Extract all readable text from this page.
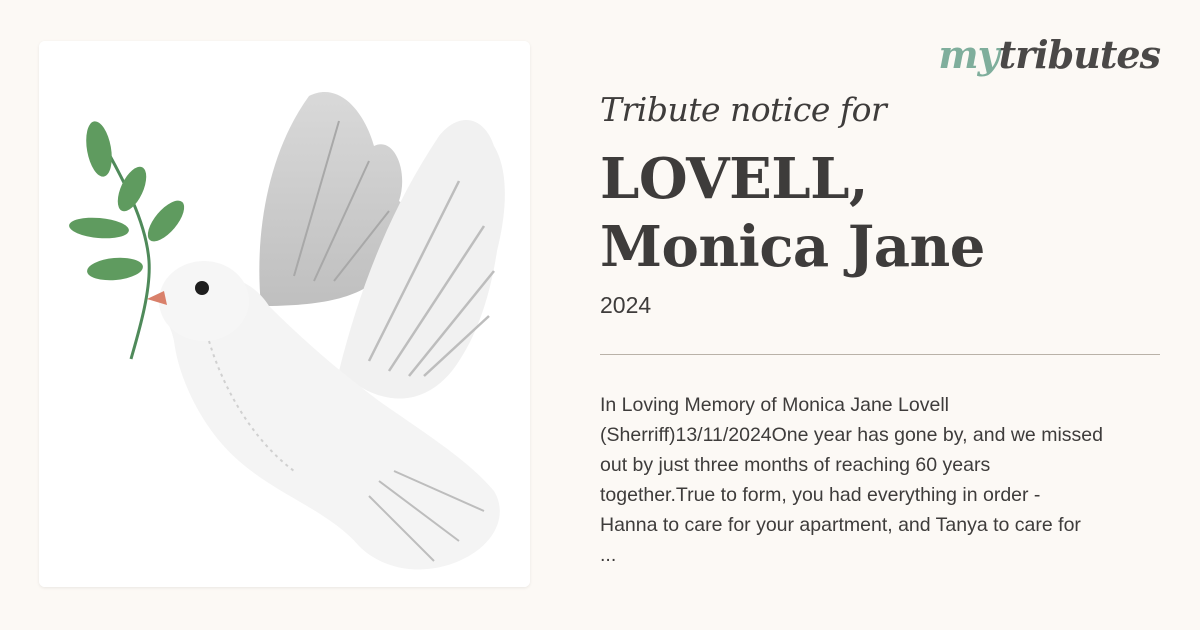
mytributes
Tribute notice for
LOVELL,
Monica Jane
2024
In Loving Memory of Monica Jane Lovell
(Sherriff)13/11/2024One year has gone by, and we missed
out by just three months of reaching 60 years
together.True to form, you had everything in order -
Hanna to care for your apartment, and Tanya to care for
...
